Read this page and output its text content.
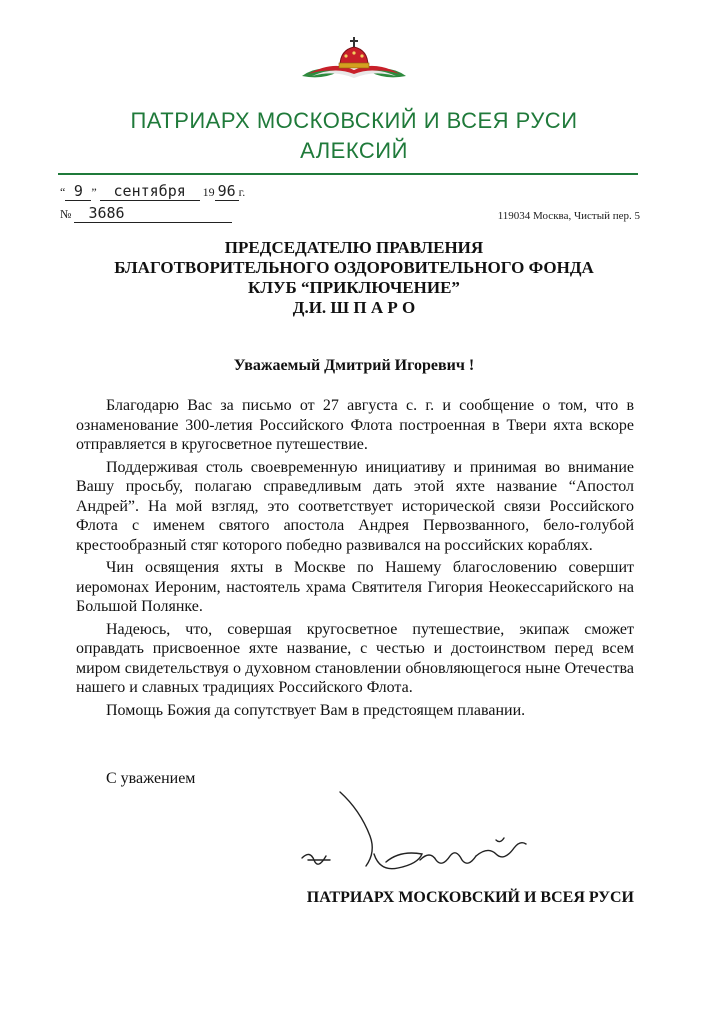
ПАТРИАРХ МОСКОВСКИЙ И ВСЕЯ РУСИ
АЛЕКСИЙ
“ 9 ” сентября 19 96 г.
№ 3686	119034 Москва, Чистый пер. 5
ПРЕДСЕДАТЕЛЮ ПРАВЛЕНИЯ
БЛАГОТВОРИТЕЛЬНОГО ОЗДОРОВИТЕЛЬНОГО ФОНДА
КЛУБ “ПРИКЛЮЧЕНИЕ”
Д.И. Ш П А Р О
Уважаемый Дмитрий Игоревич !

Благодарю Вас за письмо от 27 августа с. г. и сообщение о том, что в ознаменование 300-летия Российского Флота построенная в Твери яхта вскоре отправляется в кругосветное путешествие.

Поддерживая столь своевременную инициативу и принимая во внимание Вашу просьбу, полагаю справедливым дать этой яхте название “Апостол Андрей”. На мой взгляд, это соответствует исторической связи Российского Флота с именем святого апостола Андрея Первозванного, бело-голубой крестообразный стяг которого победно развивался на российских кораблях.

Чин освящения яхты в Москве по Нашему благословению совершит иеромонах Иероним, настоятель храма Святителя Гигория Неокессарийского на Большой Полянке.

Надеюсь, что, совершая кругосветное путешествие, экипаж сможет оправдать присвоенное яхте название, с честью и достоинством перед всем миром свидетельствуя о духовном становлении обновляющегося ныне Отечества нашего и славных традициях Российского Флота.

Помощь Божия да сопутствует Вам в предстоящем плавании.

С уважением
ПАТРИАРХ МОСКОВСКИЙ И ВСЕЯ РУСИ
